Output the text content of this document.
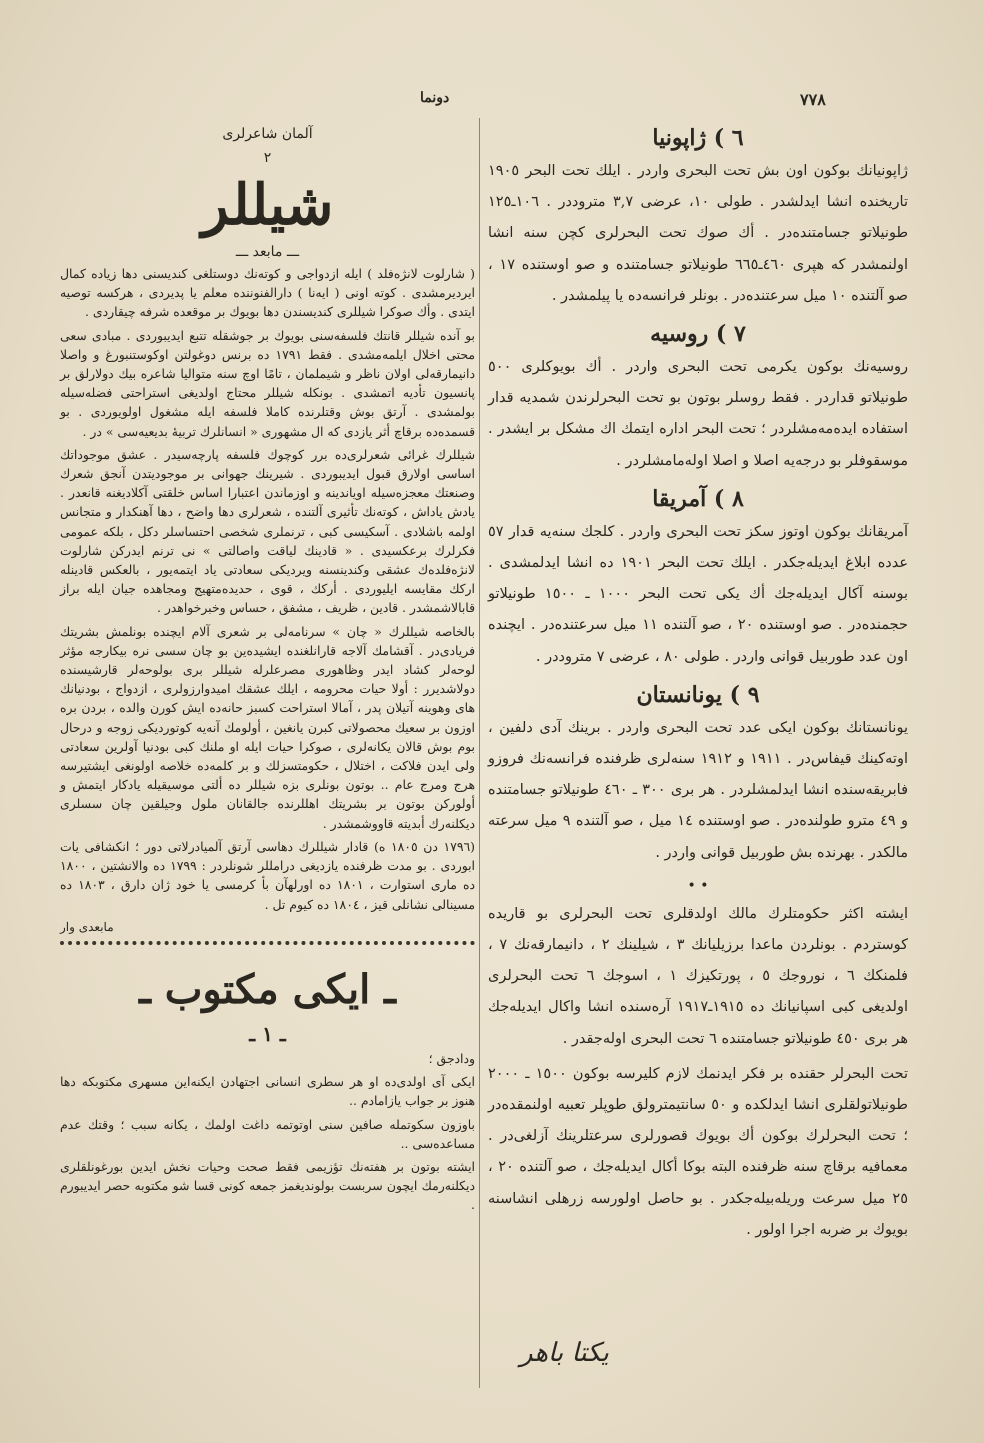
٧٧٨
دونما

٦ ) ژاپونيا

ژاپونيانك بوكون اون بش تحت البحرى واردر . ايلك تحت البحر ١٩٠٥ تاريخنده انشا ايدلشدر . طولى ١٠، عرضى ٣,٧ متروددر . ١٠٦ـ١٢٥ طونيلاتو جسامتنده‌در . أك صوك تحت البحرلرى كچن سنه انشا اولنمشدر كه هپرى ٤٦٠ـ٦٦٥ طونيلاتو جسامتنده و صو اوستنده ١٧ ، صو آلتنده ١٠ ميل سرعتنده‌در . بونلر فرانسه‌ده يا پيلمشدر .

٧ ) روسيه

روسيه‌نك بوكون يكرمى تحت البحرى واردر . أك بويوكلرى ٥٠٠ طونيلاتو قداردر . فقط روسلر بوتون بو تحت البحرلرندن شمديه قدار استفاده ايده‌مه‌مشلردر ؛ تحت البحر اداره ايتمك اك مشكل بر ايشدر . موسقوفلر بو درجه‌يه اصلا و اصلا اوله‌مامشلردر .

٨ ) آمريقا

آمريقانك بوكون اوتوز سكز تحت البحرى واردر . كلجك سنه‌يه قدار ٥٧ عدده ابلاغ ايديله‌جكدر . ايلك تحت البحر ١٩٠١ ده انشا ايدلمشدى . بوسنه آكال ايديله‌جك أك يكى تحت البحر ١٠٠٠ ـ ١٥٠٠ طونيلاتو حجمنده‌در . صو اوستنده ٢٠ ، صو آلتنده ١١ ميل سرعتنده‌در . ايچنده اون عدد طوربيل قوانى واردر . طولى ٨٠ ، عرضى ٧ متروددر .

٩ ) يونانستان

يونانستانك بوكون ايكى عدد تحت البحرى واردر . برينك آدى دلفين ، اوته‌كينك قيفاس‌در . ١٩١١ و ١٩١٢ سنه‌لرى ظرفنده فرانسه‌نك فروزو فابريقه‌سنده انشا ايدلمشلردر . هر برى ٣٠٠ ـ ٤٦٠ طونيلاتو جسامتنده و ٤٩ مترو طولنده‌در . صو اوستنده ١٤ ميل ، صو آلتنده ٩ ميل سرعته مالكدر . بهرنده بش طوربيل قوانى واردر .

• •

ايشته اكثر حكومتلرك مالك اولدقلرى تحت البحرلرى بو قاريده كوستردم . بونلردن ماعدا برزيليانك ٣ ، شيلينك ٢ ، دانيمارقه‌نك ٧ ، فلمنكك ٦ ، نوروجك ٥ ، پورتكيزك ١ ، اسوجك ٦ تحت البحرلرى اولديغى كبى اسپانيانك ده ١٩١٥ـ١٩١٧ آره‌سنده انشا واكال ايديله‌جك هر برى ٤٥٠ طونيلاتو جسامتنده ٦ تحت البحرى اوله‌جقدر .

تحت البحرلر حقنده بر فكر ايدنمك لازم كليرسه بوكون ١٥٠٠ ـ ٢٠٠٠ طونيلاتولقلرى انشا ايدلكده و ٥٠ سانتيمترولق طوپلر تعبيه اولنمقده‌در ؛ تحت البحرلرك بوكون أك بويوك قصورلرى سرعتلرينك آزلغى‌در . معمافيه برقاچ سنه ظرفنده البته بوكا أكال ايديله‌جك ، صو آلتنده ٢٠ ، ٢٥ ميل سرعت وريله‌بيله‌جكدر . بو حاصل اولورسه زرهلى انشاسنه بويوك بر ضربه اجرا اولور .

يكتا باهر

آلمان شاعرلرى

٢

شيللر

ـــ مابعد ـــ

( شارلوت لانژه‌فلد ) ايله ازدواجى و كوته‌نك دوستلغى كنديسنى دها زياده كمال ايرديرمشدى . كوته اونى ( ايه‌نا ) دارالفنوننده معلم يا پديردى ، هركسه توصيه ايتدى . وأك صوكرا شيللرى كنديسندن دها بويوك بر موقعده‌ شرفه چيقاردى .

بو آنده شيللر قانتك فلسفه‌سنى بويوك بر جوشقله تتبع ايديبوردى . مبادى سعى محتى اخلال ايلمه‌مشدى . فقط ١٧٩١ ده برنس دوغولتن اوكوستنبورغ و واصلا دانيمارقه‌لى اولان ناظر و شيملمان ، تامًا اوچ سنه متواليا شاعره بيك دولارلق بر پانسيون تأديه اتمشدى . بونكله شيللر محتاج اولديغى استراحتى فضله‌سيله بولمشدى . آرتق بوش وقتلرنده كاملا فلسفه ايله مشغول اولويوردى . بو قسمده‌ده برقاچ أثر يازدى كه ال مشهورى « انسانلرك تربيهٔ بديعيه‌سى » در .

شيللرك غرائى شعرلرى‌ده برر كوچوك فلسفه پارچه‌سيدر . عشق موجوداتك اساسى اولارق قبول ايديبوردى . شيرينك جهوانى بر موجوديتدن آنجق شعرك وصنعتك معجزه‌سيله اوياندينه و اوزماندن اعتبارا اساس خلقتى آكلاديغنه قانعدر . يادش ياداش ، كوته‌نك تأثيرى آلتنده ، شعرلرى دها واضح ، دها آهنكدار و متجانس اولمه باشلادى . آسكيسى كبى ، ترنملرى شخصى احتساسلر دكل ، بلكه عمومى فكرلرك برعكسيدى . « قادينك لياقت واصالتى » نى ترنم ايدركن شارلوت لانژه‌فلده‌ك عشقى وكندينسنه ويرديكى سعادتى ياد ايتمه‌يور ، بالعكس قادينله اركك مقايسه ايليوردى . أركك ، قوى ، حديده‌متهيج ومجاهده‌ جيان ايله براز قابالاشمشدر . قادين ، ظريف ، مشفق ، حساس وخبرخواهدر .

بالخاصه شيللرك « چان » سرنامه‌لى بر شعرى آلام ايچنده بونلمش بشريتك فريادى‌در . آقشامك آلاجه قارانلغنده ايشيده‌ين بو چان سسى نره بيكارجه مؤثر لوحه‌لر كشاد ايدر وظاهورى‌ مصرعلرله شيللر برى بولوحه‌لر قارشيسنده دولاشديرر : أولا حيات محرومه ، ايلك عشقك اميدوارزولرى ، ازدواج ، بودنيانك هاى وهوينه آتيلان پدر ، آمالا استراحت كسبز حانه‌ده ايش كورن والده ، بردن بره اوزون بر سعيك محصولاتى كبرن يانغين ، أولومك آنه‌يه كوتورديكى زوجه و درحال بوم بوش قالان يكانه‌لرى ، صوكرا حيات ايله او ملنك كبى بودنيا آولرين سعادتى ولى ايدن فلاكت ، اختلال ، حكومتسزلك و بر كلمه‌ده خلاصه اولونغى ايشتيرسه هرج ومرج عام .. بوتون بونلرى بزه شيللر ده ألتى موسيقيله يادكار ايتمش و أولوركن بوتون بر بشريتك اهللرنده جالقانان ملول وجيلقين چان سسلرى ديكلنه‌رك أبديته قاووشمشدر .

(١٧٩٦ دن ١٨٠٥ ه) قادار شيللرك دهاسى آرتق آلميادرلاتى دور ؛ انكشافى يات ابوردى . بو مدت ظرفنده يازديغى درامللر شونلردر : ١٧٩٩ ده والانشتين ، ١٨٠٠ ده مارى استوارت ، ١٨٠١ ده اورلهآن بأ كرمسى يا خود ژان دارق ، ١٨٠٣ ده مسينالى نشانلى قيز ، ١٨٠٤ ده كيوم تل .

مابعدى وار

ـ ايكى مكتوب ـ

ـ ١ ـ

ودادجق ؛

ايكى آى اولدى‌ده او هر سطرى انسانى اجتهادن ايكنه‌اين مسهرى مكتوبكه دها هنوز بر جواب يازامادم ..

باوزون سكوتمله صافين سنى اوتوتمه داغت اولمك ، يكانه سبب ؛ وقتك عدم مساعده‌سى ..

ايشته بوتون بر هفته‌نك تؤزيمى فقط صحت وحيات نخش ايدين بورغونلقلرى ديكلنه‌رمك ايچون سربست بولونديغمز جمعه كونى قسا شو مكتوبه حصر ايديبورم .
